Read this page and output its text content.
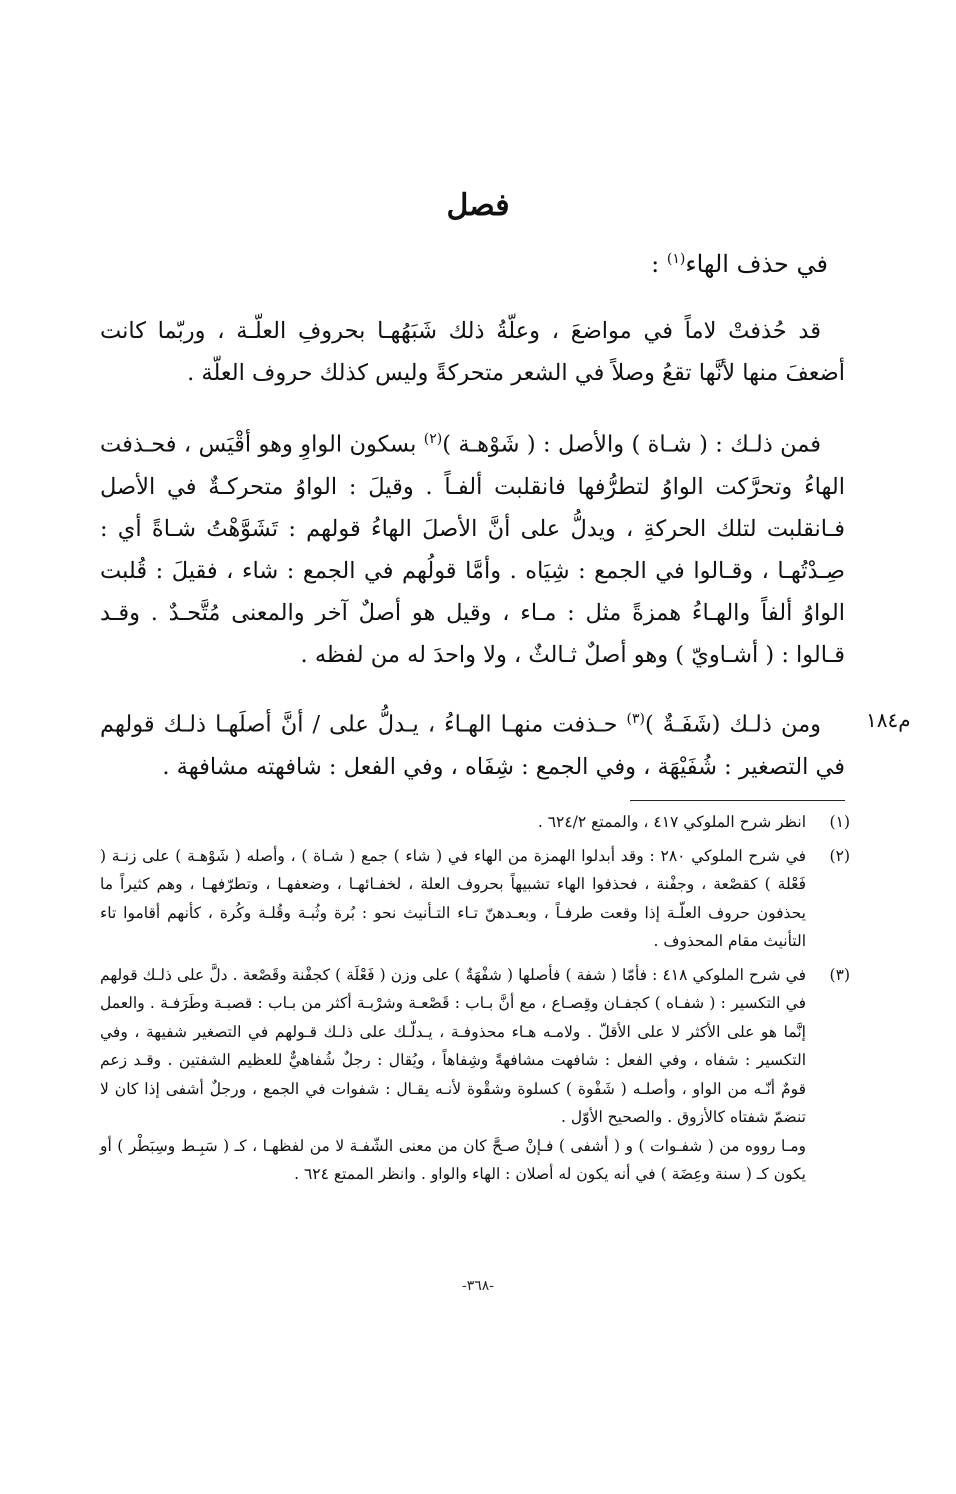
فصل
في حذف الهاء$^{(١)}$ :
قد حُذفتْ لاماً في مواضعَ ، وعلّةُ ذلك شَبَهُهـا بحروفِ العلّـة ، وربّما كانت أضعفَ منها لأنَّها تقعُ وصلاً في الشعر متحركةً وليس كذلك حروف العلّة .
فمن ذلـك : ( شـاة ) والأصل : ( شَوْهـة )$^{(٢)}$ بسكون الواوِ وهو أقْيَس ، فحـذفت الهاءُ وتحرَّكت الواوُ لتطرُّفها فانقلبت ألفـاً . وقيلَ : الواوُ متحركـةٌ في الأصل فـانقلبت لتلك الحركةِ ، ويدلُّ على أنَّ الأصلَ الهاءُ قولهم : تَشَوَّهْتُ شـاةً أي : صِـدْتُهـا ، وقـالوا في الجمع : شِيَاه . وأمَّا قولُهم في الجمع : شاء ، فقيلَ : قُلبت الواوُ ألفاً والهـاءُ همزةً مثل : مـاء ، وقيل هو أصلٌ آخر والمعنى مُتَّحـدٌ . وقـد قـالوا : ( أشـاويّ ) وهو أصلٌ ثـالثٌ ، ولا واحدَ له من لفظه .
م١٨٤
ومن ذلـك (شَفَـةٌ )$^{(٣)}$ حـذفت منهـا الهـاءُ ، يـدلُّ على / أنَّ أصلَهـا ذلـك قولهم في التصغير : شُفَيْهَة ، وفي الجمع : شِفَاه ، وفي الفعل : شافهته مشافهة .
(١)
انظر شرح الملوكي ٤١٧ ، والممتع ٦٢٤/٢ .
(٢)
في شرح الملوكي ٢٨٠ : وقد أبدلوا الهمزة من الهاء في ( شاء ) جمع ( شـاة ) ، وأصله ( شَوْهـة ) على زنـة ( فَعْلة ) كقصْعة ، وجفْنة ، فحذفوا الهاء تشبيهاً بحروف العلة ، لخفـائهـا ، وضعفهـا ، وتطرّفهـا ، وهم كثيراً ما يحذفون حروف العلّـة إذا وقعت طرفـاً ، وبعـدهنّ تـاء التـأنيث نحو : بُرة وثُبـة وقُلـة وكُرة ، كأنهم أقاموا تاء التأنيث مقام المحذوف .
(٣)
في شرح الملوكي ٤١٨ : فأمّا ( شفة ) فأصلها ( شفْهَةٌ ) على وزن ( فَعْلَة ) كجفْنة وقَصْعة . دلَّ على ذلـك قولهم في التكسير : ( شفـاه ) كجفـان وقِصـاع ، مع أنَّ بـاب : قَصْعـة وشرْبـة أكثر من بـاب : قصبـة وطَرَفـة . والعمل إنَّما هو على الأكثر لا على الأقلّ . ولامـه هـاء محذوفـة ، يـدلّـك على ذلـك قـولهم في التصغير شفيهة ، وفي التكسير : شفاه ، وفي الفعل : شافهت مشافهةً وشِفاهاً ، ويُقال : رجلٌ شُفاهيٌّ للعظيم الشفتين . وقـد زعم قومٌ أنّـه من الواو ، وأصلـه ( شَفْوة ) كسلوة وشقْوة لأنـه يقـال : شفوات في الجمع ، ورجلٌ أشفى إذا كان لا تنضمّ شفتاه كالأزوق . والصحيح الأوّل .
ومـا رووه من ( شفـوات ) و ( أشفى ) فـإنْ صـحَّ كان من معنى الشّفـة لا من لفظهـا ، كـ ( سَبِـط وسِبَطْر ) أو يكون كـ ( سنة وعِضَة ) في أنه يكون له أصلان : الهاء والواو . وانظر الممتع ٦٢٤ .
-٣٦٨-
